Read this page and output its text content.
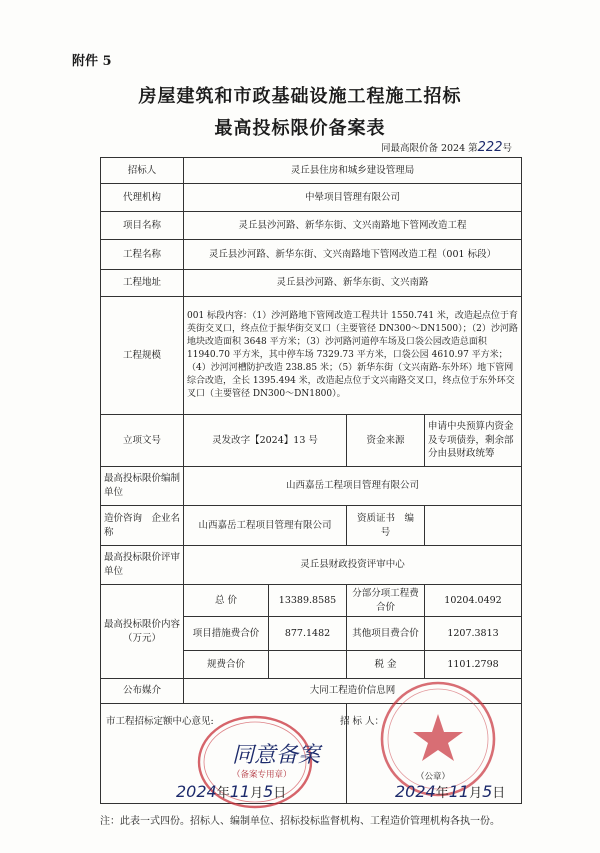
附件 5
房屋建筑和市政基础设施工程施工招标
最高投标限价备案表
同最高限价备 2024 第222号
招标人	灵丘县住房和城乡建设管理局			
代理机构	中晕项目管理有限公司			
项目名称	灵丘县沙河路、新华东街、文兴南路地下管网改造工程			
工程名称	灵丘县沙河路、新华东街、文兴南路地下管网改造工程（001 标段）			
工程地址	灵丘县沙河路、新华东街、文兴南路			
工程规模	001 标段内容：（1）沙河路地下管网改造工程共计 1550.741 米，改造起点位于育英街交叉口，终点位于振华街交叉口（主要管径 DN300～DN1500）；（2）沙河路地块改造面积 3648 平方米；（3）沙河路河道停车场及口袋公园改造总面积 11940.70 平方米，其中停车场 7329.73 平方米，口袋公园 4610.97 平方米；（4）沙河河槽防护改造 238.85 米；（5）新华东街（文兴南路-东外环）地下管网综合改造，全长 1395.494 米，改造起点位于文兴南路交叉口，终点位于东外环交叉口（主要管径 DN300～DN1800）。			
立项文号	灵发改字【2024】13 号		资金来源	申请中央预算内资金及专项债券，剩余部分由县财政统筹
最高投标限价编制单位	山西嘉岳工程项目管理有限公司			
造价咨询　企业名称	山西嘉岳工程项目管理有限公司		资质证书　编　号	
最高投标限价评审单位	灵丘县财政投资评审中心			
最高投标限价内容（万元）	总 价	13389.8585	分部分项工程费合价	10204.0492
	项目措施费合价	877.1482	其他项目费合价	1207.3813
	规费合价		税 金	1101.2798
公布媒介	大同工程造价信息网			

市工程招标定额中心意见:	招 标 人：
同意备案
（备案专用章）	（公章）
2024年11月5日	2024年11月5日
注：此表一式四份。招标人、编制单位、招标投标监督机构、工程造价管理机构各执一份。
